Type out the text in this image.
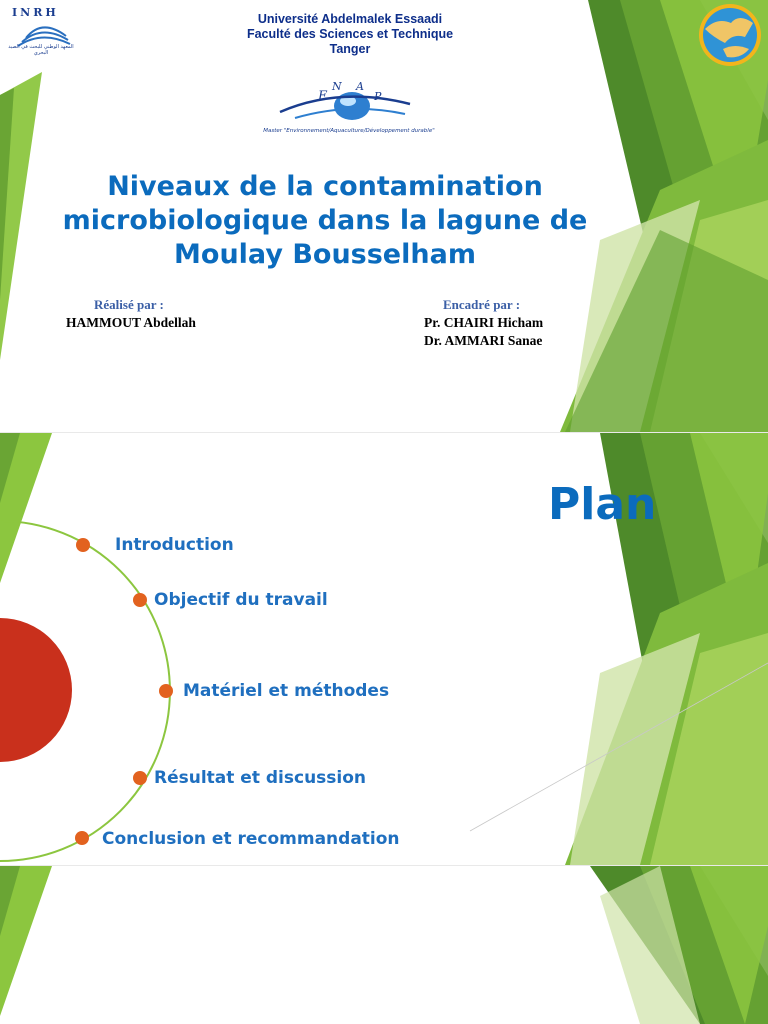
INRH
المعهد الوطني للبحث في الصيد البحري
Université Abdelmalek Essaadi
Faculté des Sciences et Technique
Tanger
E
N A
P
Master "Environnement/Aquaculture/Développement durable"
Niveaux de la contamination
microbiologique dans la lagune de
Moulay Bousselham
Réalisé par :
HAMMOUT Abdellah
Encadré par :
Pr. CHAIRI Hicham
Dr. AMMARI Sanae
Plan
Introduction
Objectif du travail
Matériel et méthodes
Résultat et discussion
Conclusion et recommandation
